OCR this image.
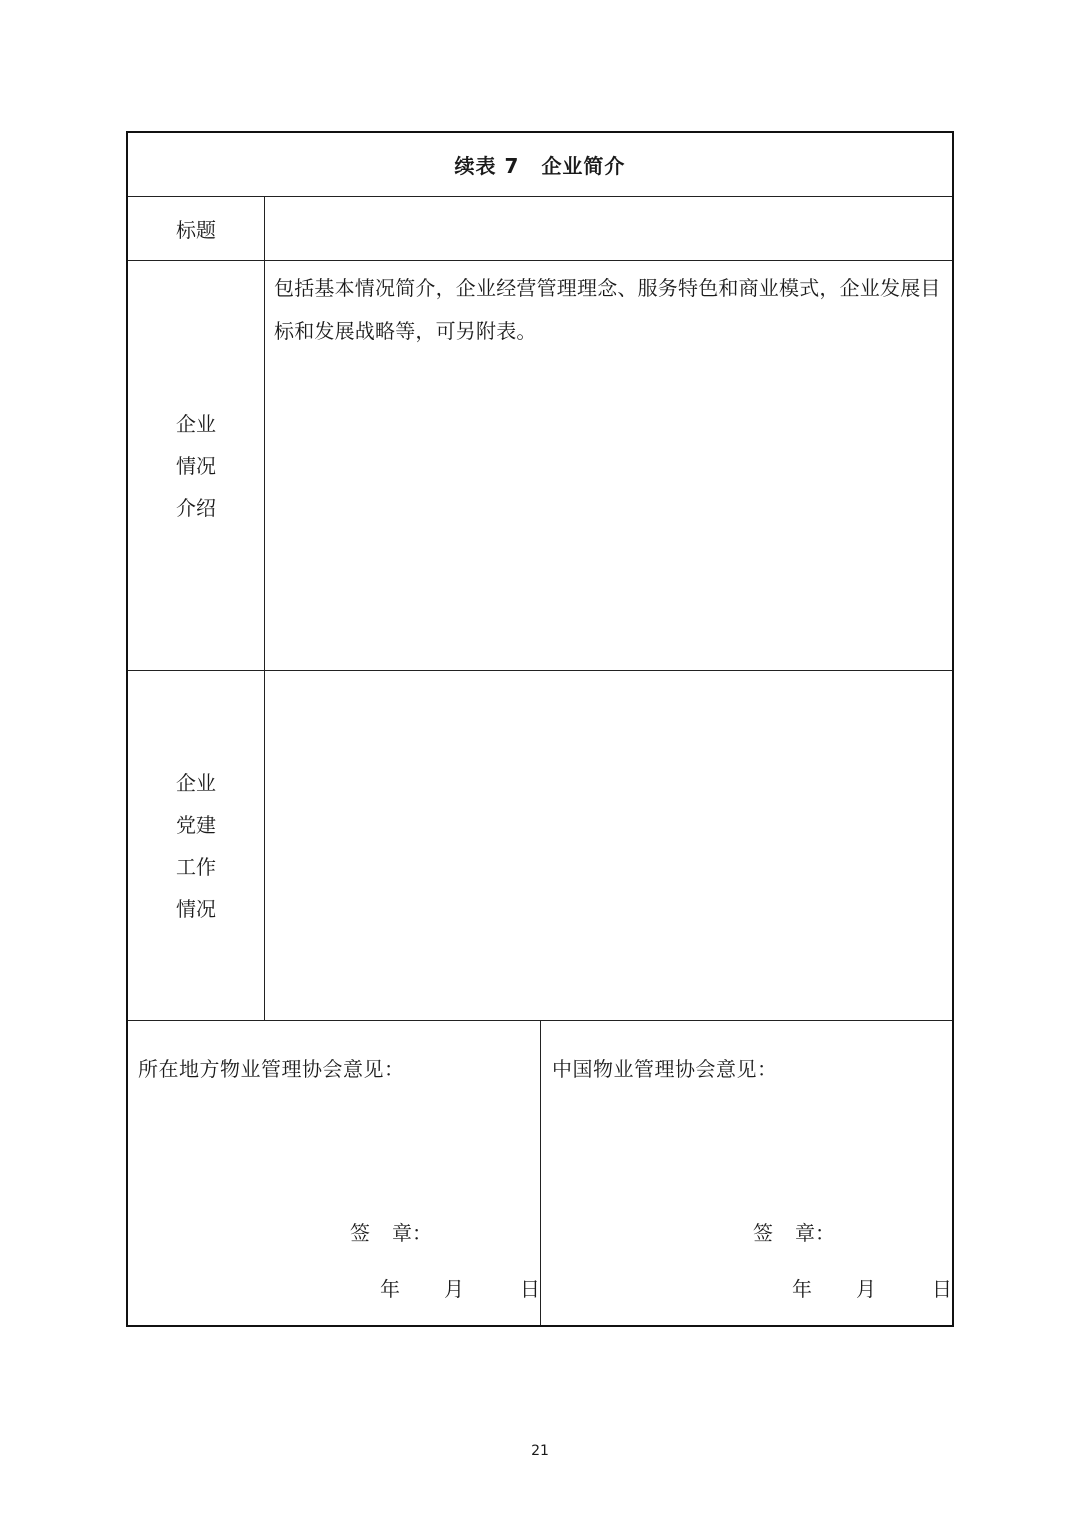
续表 7 企业简介
标题
企业
情况
介绍

包括基本情况简介，企业经营管理理念、服务特色和商业模式，企业发展目标和发展战略等，可另附表。

企业
党建
工作
情况
所在地方物业管理协会意见：
签 章：
年 月	日
中国物业管理协会意见：
签 章：
年 月	日
21
